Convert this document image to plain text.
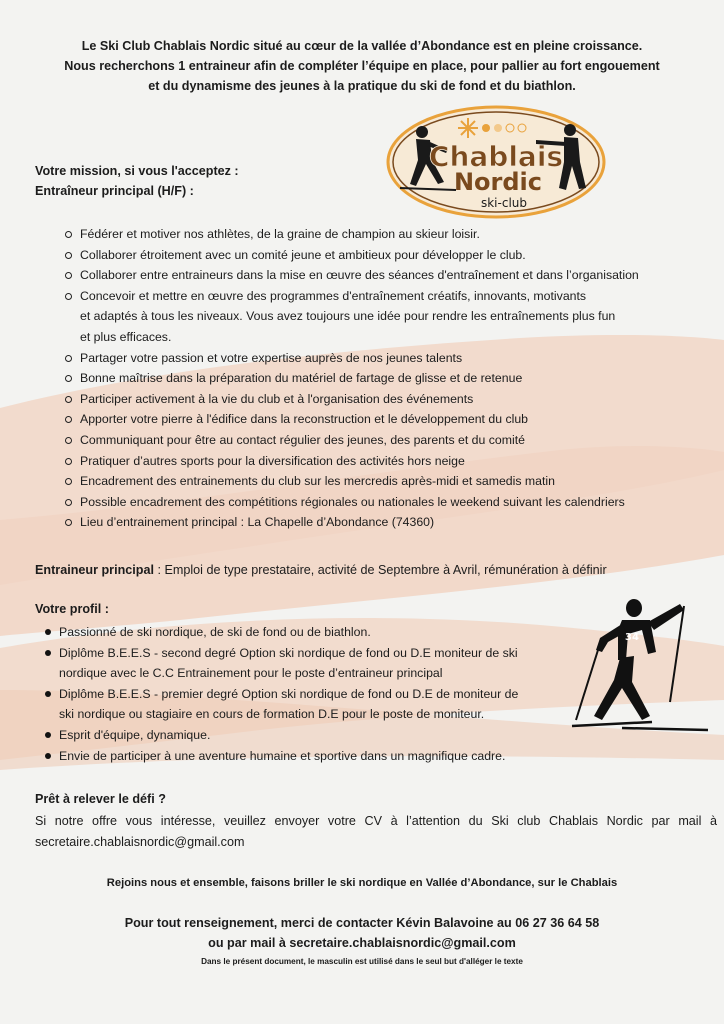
Le Ski Club Chablais Nordic situé au cœur de la vallée d’Abondance est en pleine croissance.
Nous recherchons 1 entraineur afin de compléter l’équipe en place, pour pallier au fort engouement
et du dynamisme des jeunes à la pratique du ski de fond et du biathlon.
Votre mission, si vous l'acceptez :
Entraîneur principal (H/F) :
Chablais
Nordic
ski-club
Fédérer et motiver nos athlètes, de la graine de champion au skieur loisir.
Collaborer étroitement avec un comité jeune et ambitieux pour développer le club.
Collaborer entre entraineurs dans la mise en œuvre des séances d'entraînement et dans l’organisation
Concevoir et mettre en œuvre des programmes d'entraînement créatifs, innovants, motivants
et adaptés à tous les niveaux. Vous avez toujours une idée pour rendre les entraînements plus fun
et plus efficaces.
Partager votre passion et votre expertise auprès de nos jeunes talents
Bonne maîtrise dans la préparation du matériel de fartage de glisse et de retenue
Participer activement à la vie du club et à l'organisation des événements
Apporter votre pierre à l'édifice dans la reconstruction et le développement du club
Communiquant pour être au contact régulier des jeunes, des parents et du comité
Pratiquer d’autres sports pour la diversification des activités hors neige
Encadrement des entrainements du club sur les mercredis après-midi et samedis matin
Possible encadrement des compétitions régionales ou nationales le weekend suivant les calendriers
Lieu d’entrainement principal : La Chapelle d’Abondance (74360)
Entraineur principal : Emploi de type prestataire, activité de Septembre à Avril, rémunération à définir
Votre profil :
Passionné de ski nordique, de ski de fond ou de biathlon.
Diplôme B.E.E.S - second degré Option ski nordique de fond ou D.E moniteur de ski
nordique avec le C.C Entrainement pour le poste d’entraineur principal
Diplôme B.E.E.S - premier degré Option ski nordique de fond ou D.E de moniteur de
ski nordique ou stagiaire en cours de formation D.E pour le poste de moniteur.
Esprit d'équipe, dynamique.
Envie de participer à une aventure humaine et sportive dans un magnifique cadre.
34
Prêt à relever le défi ?
Si notre offre vous intéresse, veuillez envoyer votre CV à l’attention du Ski club Chablais Nordic par mail à
secretaire.chablaisnordic@gmail.com
Rejoins nous et ensemble, faisons briller le ski nordique en Vallée d’Abondance, sur le Chablais
Pour tout renseignement, merci de contacter Kévin Balavoine au 06 27 36 64 58
ou par mail à secretaire.chablaisnordic@gmail.com
Dans le présent document, le masculin est utilisé dans le seul but d'alléger le texte
